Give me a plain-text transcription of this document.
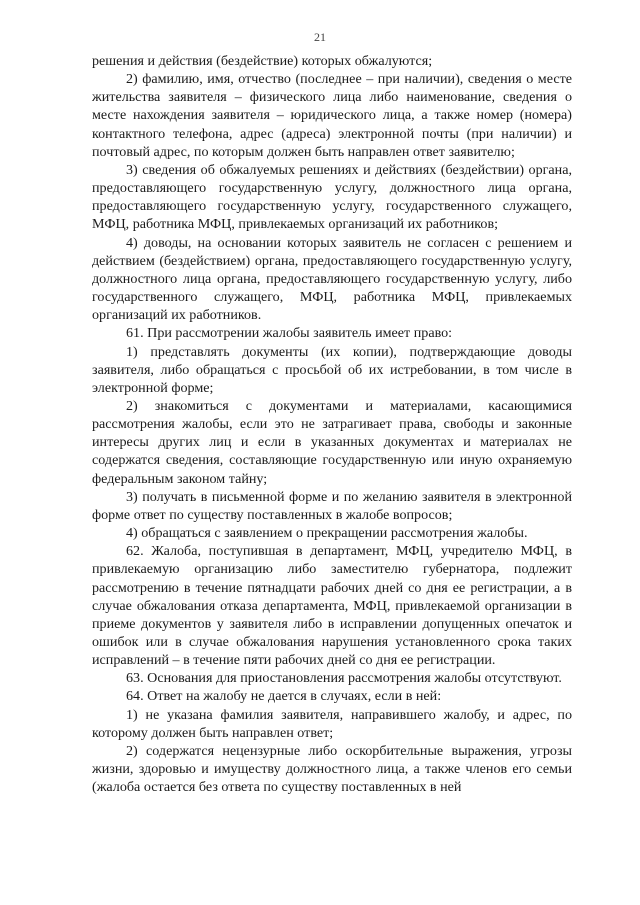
21

решения и действия (бездействие) которых обжалуются;

2) фамилию, имя, отчество (последнее – при наличии), сведения о месте жительства заявителя – физического лица либо наименование, сведения о месте нахождения заявителя – юридического лица, а также номер (номера) контактного телефона, адрес (адреса) электронной почты (при наличии) и почтовый адрес, по которым должен быть направлен ответ заявителю;

3) сведения об обжалуемых решениях и действиях (бездействии) органа, предоставляющего государственную услугу, должностного лица органа, предоставляющего государственную услугу, государственного служащего, МФЦ, работника МФЦ, привлекаемых организаций их работников;

4) доводы, на основании которых заявитель не согласен с решением и действием (бездействием) органа, предоставляющего государственную услугу, должностного лица органа, предоставляющего государственную услугу, либо государственного служащего, МФЦ, работника МФЦ, привлекаемых организаций их работников.

61. При рассмотрении жалобы заявитель имеет право:

1) представлять документы (их копии), подтверждающие доводы заявителя, либо обращаться с просьбой об их истребовании, в том числе в электронной форме;

2) знакомиться с документами и материалами, касающимися рассмотрения жалобы, если это не затрагивает права, свободы и законные интересы других лиц и если в указанных документах и материалах не содержатся сведения, составляющие государственную или иную охраняемую федеральным законом тайну;

3) получать в письменной форме и по желанию заявителя в электронной форме ответ по существу поставленных в жалобе вопросов;

4) обращаться с заявлением о прекращении рассмотрения жалобы.

62. Жалоба, поступившая в департамент, МФЦ, учредителю МФЦ, в привлекаемую организацию либо заместителю губернатора, подлежит рассмотрению в течение пятнадцати рабочих дней со дня ее регистрации, а в случае обжалования отказа департамента, МФЦ, привлекаемой организации в приеме документов у заявителя либо в исправлении допущенных опечаток и ошибок или в случае обжалования нарушения установленного срока таких исправлений – в течение пяти рабочих дней со дня ее регистрации.

63. Основания для приостановления рассмотрения жалобы отсутствуют.

64. Ответ на жалобу не дается в случаях, если в ней:

1) не указана фамилия заявителя, направившего жалобу, и адрес, по которому должен быть направлен ответ;

2) содержатся нецензурные либо оскорбительные выражения, угрозы жизни, здоровью и имуществу должностного лица, а также членов его семьи (жалоба остается без ответа по существу поставленных в ней
